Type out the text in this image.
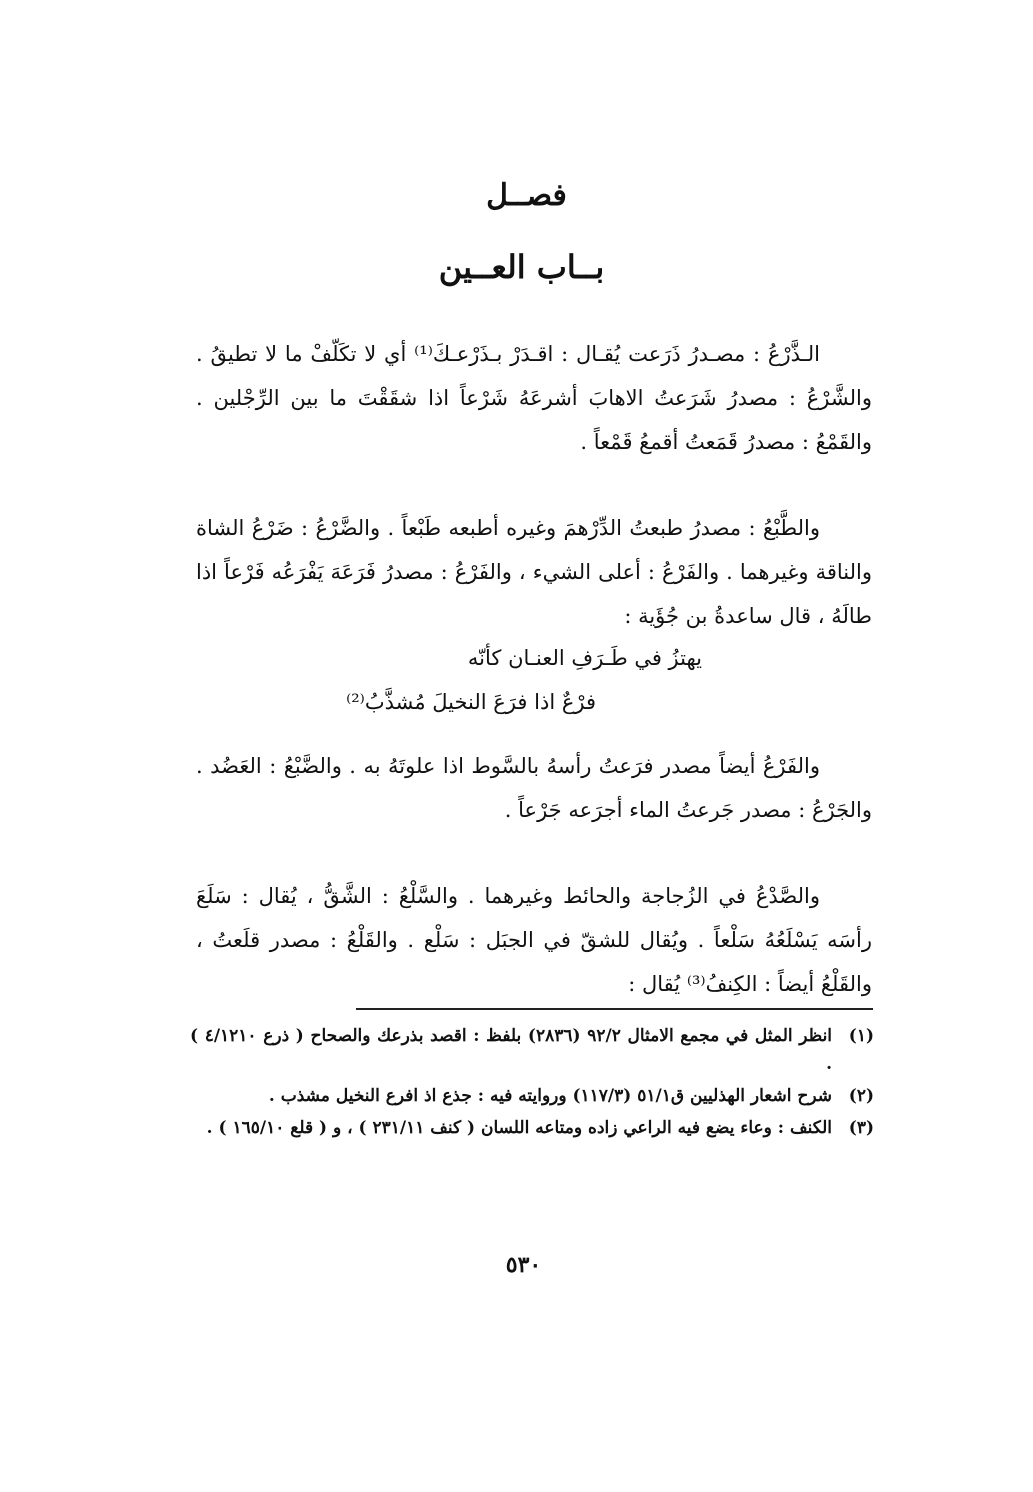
فصــل
بــاب العــين

الـذَّرْعُ : مصـدرُ ذَرَعت يُقـال : اقـدَرْ بـذَرْعـكَ⁽¹⁾ أي لا تكَلّفْ ما لا تطيقُ . والشَّرْعُ : مصدرُ شَرَعتُ الاهابَ أشرعَهُ شَرْعاً اذا شقَقْتَ ما بين الرِّجْلين . والقَمْعُ : مصدرُ قَمَعتُ أقمعُ قَمْعاً .

والطَّبْعُ : مصدرُ طبعتُ الدِّرْهمَ وغيره أطبعه طَبْعاً . والضَّرْعُ : ضَرْعُ الشاة والناقة وغيرهما . والفَرْعُ : أعلى الشيء ، والفَرْعُ : مصدرُ فَرَعَهَ يَفْرَعُه فَرْعاً اذا طالَهُ ، قال ساعدةُ بن جُؤَية :

والفَرْعُ أيضاً مصدر فرَعتُ رأسهُ بالسَّوط اذا علوتَهُ به . والضَّبْعُ : العَضُد . والجَرْعُ : مصدر جَرعتُ الماء أجرَعه جَرْعاً .

والصَّدْعُ في الزُجاجة والحائط وغيرهما . والسَّلْعُ : الشَّقُّ ، يُقال : سَلَعَ رأسَه يَسْلَعُهُ سَلْعاً . ويُقال للشقّ في الجبَل : سَلْع . والقَلْعُ : مصدر قلَعتُ ، والقَلْعُ أيضاً : الكِنفُ⁽³⁾ يُقال :

يهتزُ في طَـرَفِ العنـان كأنّه

فرْعٌ اذا فرَعَ النخيلَ مُشذَّبُ⁽²⁾

(١)
انظر المثل في مجمع الامثال ٩٢/٢ (٢٨٣٦) بلفظ : اقصد بذرعك والصحاح ( ذرع ٤/١٢١٠ ) .
(٢)
شرح اشعار الهذليين ق٥١/١ (١١٧/٣) وروايته فيه : جذع اذ افرع النخيل مشذب .
(٣)
الكنف : وعاء يضع فيه الراعي زاده ومتاعه اللسان ( كنف ٢٣١/١١ ) ، و ( قلع ١٦٥/١٠ ) .
٥٣٠
